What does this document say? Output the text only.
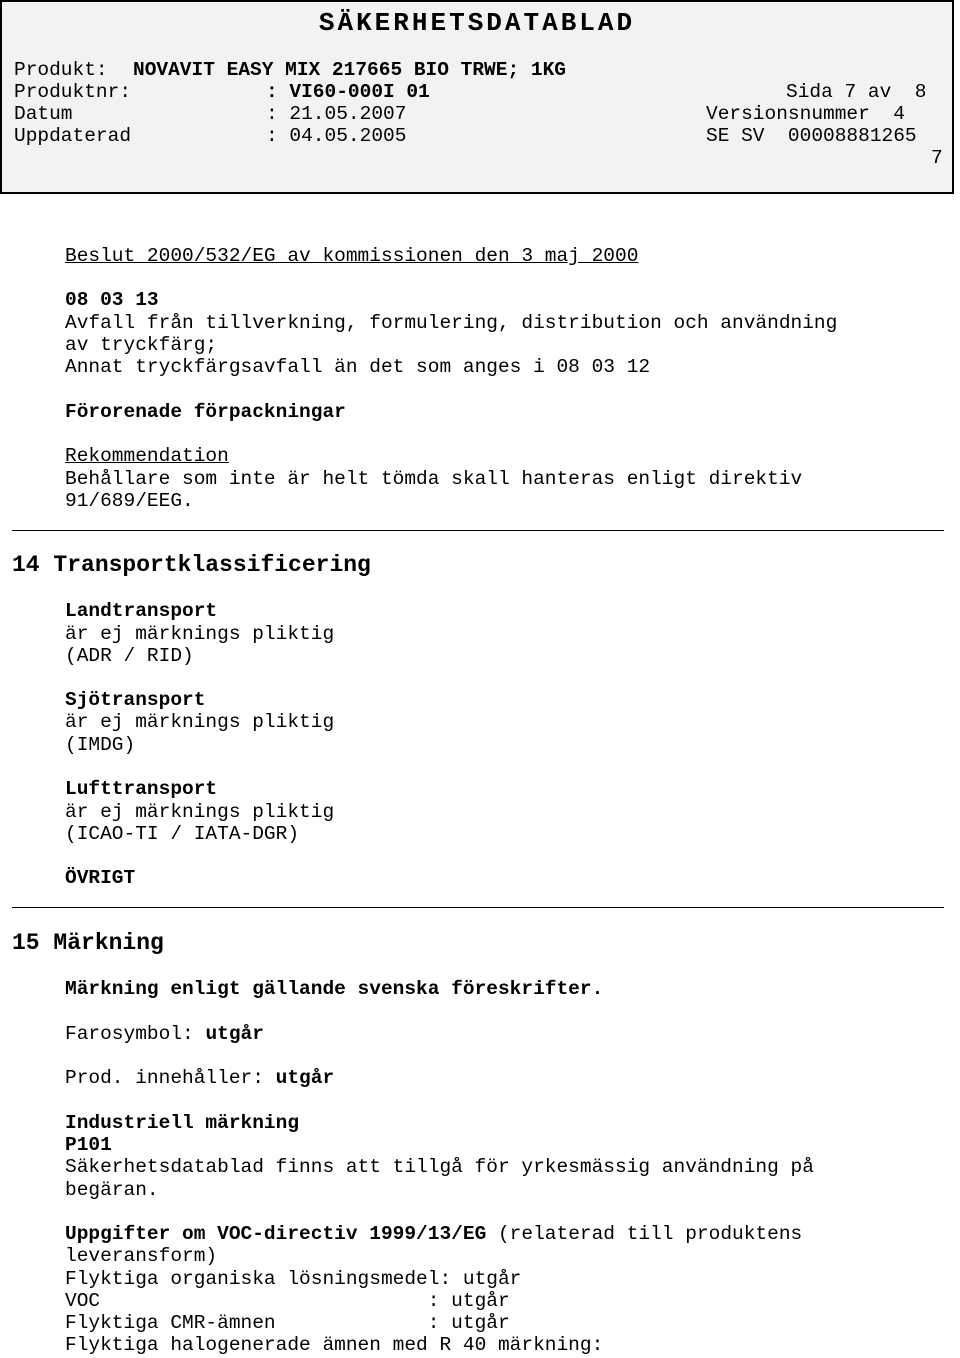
SÄKERHETSDATABLAD
Produkt: NOVAVIT EASY MIX 217665 BIO TRWE; 1KG
Produktnr:	: VI60-000I 01	Sida 7 av  8
Datum	: 21.05.2007	Versionsnummer  4
Uppdaterad	: 04.05.2005	SE SV  00008881265
7
Beslut 2000/532/EG av kommissionen den 3 maj 2000
08 03 13
Avfall från tillverkning, formulering, distribution och användning
av tryckfärg;
Annat tryckfärgsavfall än det som anges i 08 03 12
Förorenade förpackningar
Rekommendation
Behållare som inte är helt tömda skall hanteras enligt direktiv
91/689/EEG.
14 Transportklassificering
Landtransport
är ej märknings pliktig
(ADR / RID)
Sjötransport
är ej märknings pliktig
(IMDG)
Lufttransport
är ej märknings pliktig
(ICAO-TI / IATA-DGR)
ÖVRIGT
15 Märkning
Märkning enligt gällande svenska föreskrifter.
Farosymbol: utgår
Prod. innehåller: utgår
Industriell märkning
P101
Säkerhetsdatablad finns att tillgå för yrkesmässig användning på
begäran.
Uppgifter om VOC-directiv 1999/13/EG (relaterad till produktens
leveransform)
Flyktiga organiska lösningsmedel: utgår
VOC                            : utgår
Flyktiga CMR-ämnen             : utgår
Flyktiga halogenerade ämnen med R 40 märkning:
